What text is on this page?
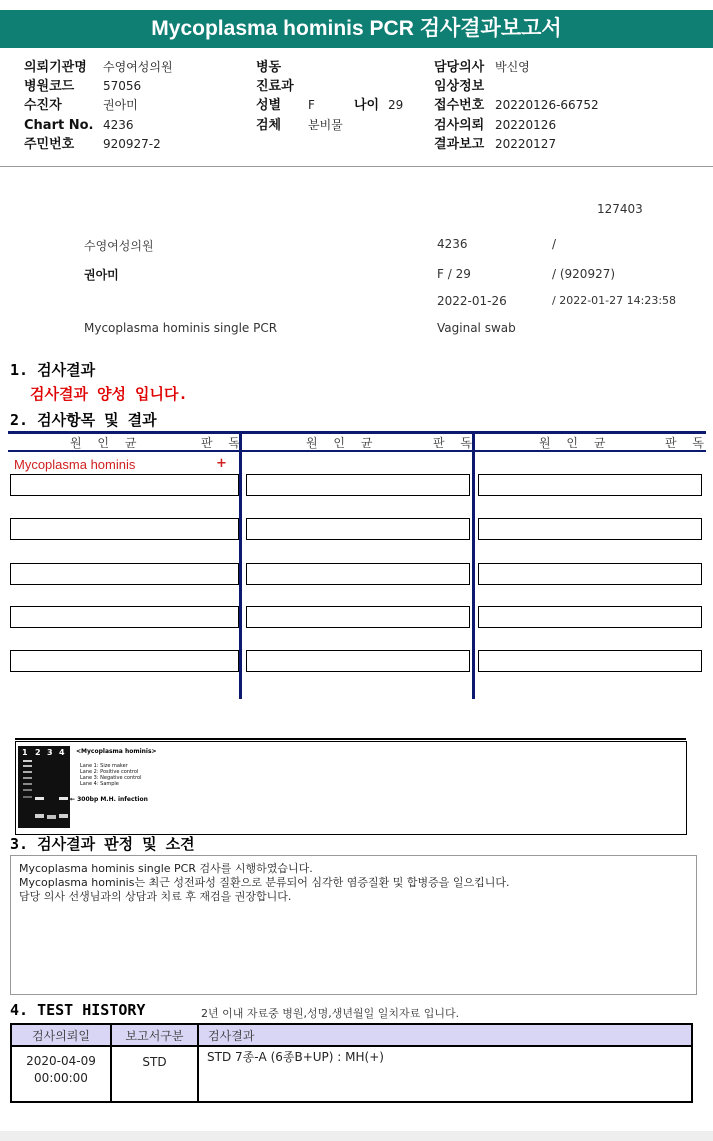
Mycoplasma hominis PCR 검사결과보고서
의뢰기관명 수영여성의원
병원코드 57056
수진자	권아미
Chart No. 4236
주민번호 920927-2
병동
진료과
성별 F	나이 29
검체 분비물
담당의사 박신영
임상정보
접수번호 20220126-66752
검사의뢰 20220126
결과보고 20220127
127403
수영여성의원	4236	/
권아미	F / 29	/ (920927)
2022-01-26	/ 2022-01-27 14:23:58
Mycoplasma hominis single PCR	Vaginal swab
1. 검사결과
검사결과 양성 입니다.
2. 검사항목 및 결과
원 인 균	판 독	원 인 균	판 독	원 인 균	판 독
Mycoplasma hominis	+
1 2 3 4 <Mycoplasma hominis>
Lane 1: Size maker
Lane 2: Positive control
Lane 3: Negative control
Lane 4: Sample
← 300bp M.H. infection
3. 검사결과 판정 및 소견
Mycoplasma hominis single PCR 검사를 시행하였습니다.
Mycoplasma hominis는 최근 성전파성 질환으로 분류되어 심각한 염증질환 및 합병증을 일으킵니다.
담당 의사 선생님과의 상담과 치료 후 재검을 권장합니다.
4. TEST HISTORY	2년 이내 자료중 병원,성명,생년월일 일치자료 입니다.
검사의뢰일	보고서구분	검사결과
2020-04-09
00:00:00
STD	STD 7종-A (6종B+UP) : MH(+)
